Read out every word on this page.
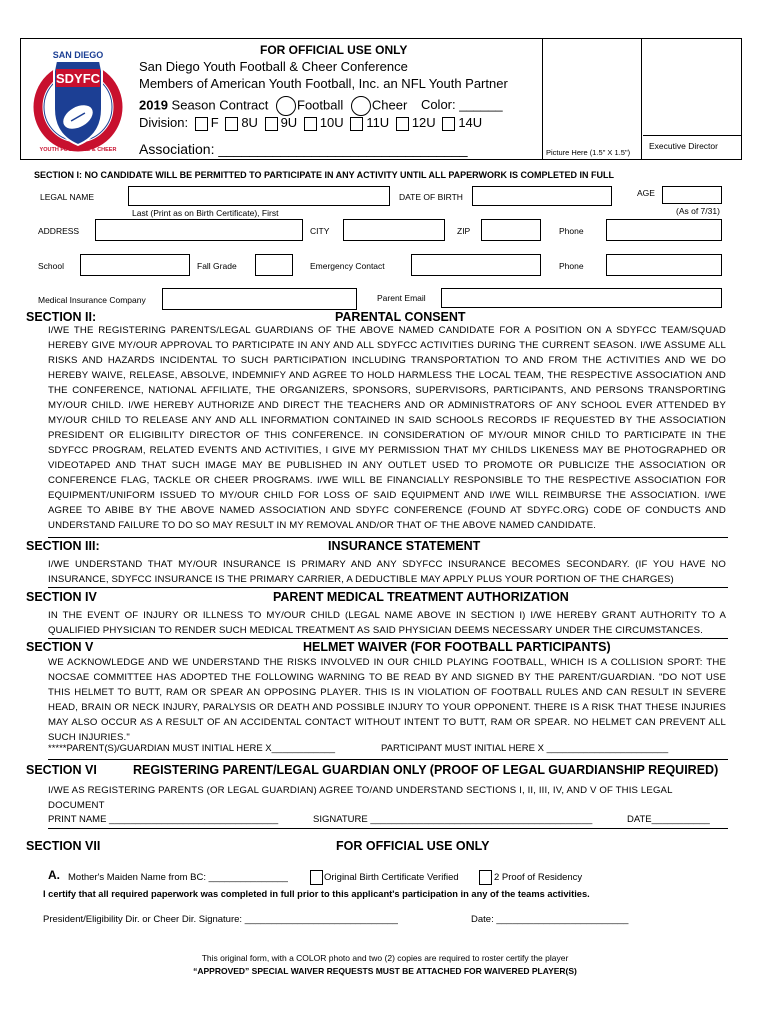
SAN DIEGO
SDYFC
YOUTH FOOTBALL & CHEER
FOR OFFICIAL USE ONLY
San Diego Youth Football & Cheer Conference
Members of American Youth Football, Inc. an NFL Youth Partner
2019 Season Contract Football Cheer Color: ______
Division: F 8U 9U 10U 11U 12U 14U
Association: ________________________________	Picture Here (1.5" X 1.5")
Executive Director
SECTION I: NO CANDIDATE WILL BE PERMITTED TO PARTICIPATE IN ANY ACTIVITY UNTIL ALL PAPERWORK IS COMPLETED IN FULL
LEGAL NAME	DATE OF BIRTH	AGE
Last (Print as on Birth Certificate), First	(As of 7/31)
ADDRESS	CITY	ZIP	Phone
School	Fall Grade	Emergency Contact	Phone
Medical Insurance Company	Parent Email
SECTION II:	PARENTAL CONSENT
I/WE THE REGISTERING PARENTS/LEGAL GUARDIANS OF THE ABOVE NAMED CANDIDATE FOR A POSITION ON A SDYFCC TEAM/SQUAD HEREBY GIVE MY/OUR APPROVAL TO PARTICIPATE IN ANY AND ALL SDYFCC ACTIVITIES DURING THE CURRENT SEASON. I/WE ASSUME ALL RISKS AND HAZARDS INCIDENTAL TO SUCH PARTICIPATION INCLUDING TRANSPORTATION TO AND FROM THE ACTIVITIES AND WE DO HEREBY WAIVE, RELEASE, ABSOLVE, INDEMNIFY AND AGREE TO HOLD HARMLESS THE LOCAL TEAM, THE RESPECTIVE ASSOCIATION AND THE CONFERENCE, NATIONAL AFFILIATE, THE ORGANIZERS, SPONSORS, SUPERVISORS, PARTICIPANTS, AND PERSONS TRANSPORTING MY/OUR CHILD. I/WE HEREBY AUTHORIZE AND DIRECT THE TEACHERS AND OR ADMINISTRATORS OF ANY SCHOOL EVER ATTENDED BY MY/OUR CHILD TO RELEASE ANY AND ALL INFORMATION CONTAINED IN SAID SCHOOLS RECORDS IF REQUESTED BY THE ASSOCIATION PRESIDENT OR ELIGIBILITY DIRECTOR OF THIS CONFERENCE. IN CONSIDERATION OF MY/OUR MINOR CHILD TO PARTICIPATE IN THE SDYFCC PROGRAM, RELATED EVENTS AND ACTIVITIES, I GIVE MY PERMISSION THAT MY CHILDS LIKENESS MAY BE PHOTOGRAPHED OR VIDEOTAPED AND THAT SUCH IMAGE MAY BE PUBLISHED IN ANY OUTLET USED TO PROMOTE OR PUBLICIZE THE ASSOCIATION OR CONFERENCE FLAG, TACKLE OR CHEER PROGRAMS. I/WE WILL BE FINANCIALLY RESPONSIBLE TO THE RESPECTIVE ASSOCIATION FOR EQUIPMENT/UNIFORM ISSUED TO MY/OUR CHILD FOR LOSS OF SAID EQUIPMENT AND I/WE WILL REIMBURSE THE ASSOCIATION. I/WE AGREE TO ABIBE BY THE ABOVE NAMED ASSOCIATION AND SDYFC CONFERENCE (FOUND AT SDYFC.ORG) CODE OF CONDUCTS AND UNDERSTAND FAILURE TO DO SO MAY RESULT IN MY REMOVAL AND/OR THAT OF THE ABOVE NAMED CANDIDATE.
SECTION III:	INSURANCE STATEMENT
I/WE UNDERSTAND THAT MY/OUR INSURANCE IS PRIMARY AND ANY SDYFCC INSURANCE BECOMES SECONDARY. (IF YOU HAVE NO INSURANCE, SDYFCC INSURANCE IS THE PRIMARY CARRIER, A DEDUCTIBLE MAY APPLY PLUS YOUR PORTION OF THE CHARGES)
SECTION IV	PARENT MEDICAL TREATMENT AUTHORIZATION
IN THE EVENT OF INJURY OR ILLNESS TO MY/OUR CHILD (LEGAL NAME ABOVE IN SECTION I) I/WE HEREBY GRANT AUTHORITY TO A QUALIFIED PHYSICIAN TO RENDER SUCH MEDICAL TREATMENT AS SAID PHYSICIAN DEEMS NECESSARY UNDER THE CIRCUMSTANCES.
SECTION V	HELMET WAIVER (FOR FOOTBALL PARTICIPANTS)
WE ACKNOWLEDGE AND WE UNDERSTAND THE RISKS INVOLVED IN OUR CHILD PLAYING FOOTBALL, WHICH IS A COLLISION SPORT: THE NOCSAE COMMITTEE HAS ADOPTED THE FOLLOWING WARNING TO BE READ BY AND SIGNED BY THE PARENT/GUARDIAN. "DO NOT USE THIS HELMET TO BUTT, RAM OR SPEAR AN OPPOSING PLAYER. THIS IS IN VIOLATION OF FOOTBALL RULES AND CAN RESULT IN SEVERE HEAD, BRAIN OR NECK INJURY, PARALYSIS OR DEATH AND POSSIBLE INJURY TO YOUR OPPONENT. THERE IS A RISK THAT THESE INJURIES MAY ALSO OCCUR AS A RESULT OF AN ACCIDENTAL CONTACT WITHOUT INTENT TO BUTT, RAM OR SPEAR. NO HELMET CAN PREVENT ALL SUCH INJURIES."
*****PARENT(S)/GUARDIAN MUST INITIAL HERE X____________	PARTICIPANT MUST INITIAL HERE X _______________________
SECTION VI	REGISTERING PARENT/LEGAL GUARDIAN ONLY (PROOF OF LEGAL GUARDIANSHIP REQUIRED)
I/WE AS REGISTERING PARENTS (OR LEGAL GUARDIAN) AGREE TO/AND UNDERSTAND SECTIONS I, II, III, IV, AND V OF THIS LEGAL DOCUMENT
PRINT NAME ________________________________	SIGNATURE __________________________________________	DATE___________
SECTION VII	FOR OFFICIAL USE ONLY
A. Mother's Maiden Name from BC: _______________	Original Birth Certificate Verified	2 Proof of Residency
I certify that all required paperwork was completed in full prior to this applicant's participation in any of the teams activities.
President/Eligibility Dir. or Cheer Dir. Signature: _____________________________	Date: _________________________
This original form, with a COLOR photo and two (2) copies are required to roster certify the player
“APPROVED” SPECIAL WAIVER REQUESTS MUST BE ATTACHED FOR WAIVERED PLAYER(S)
